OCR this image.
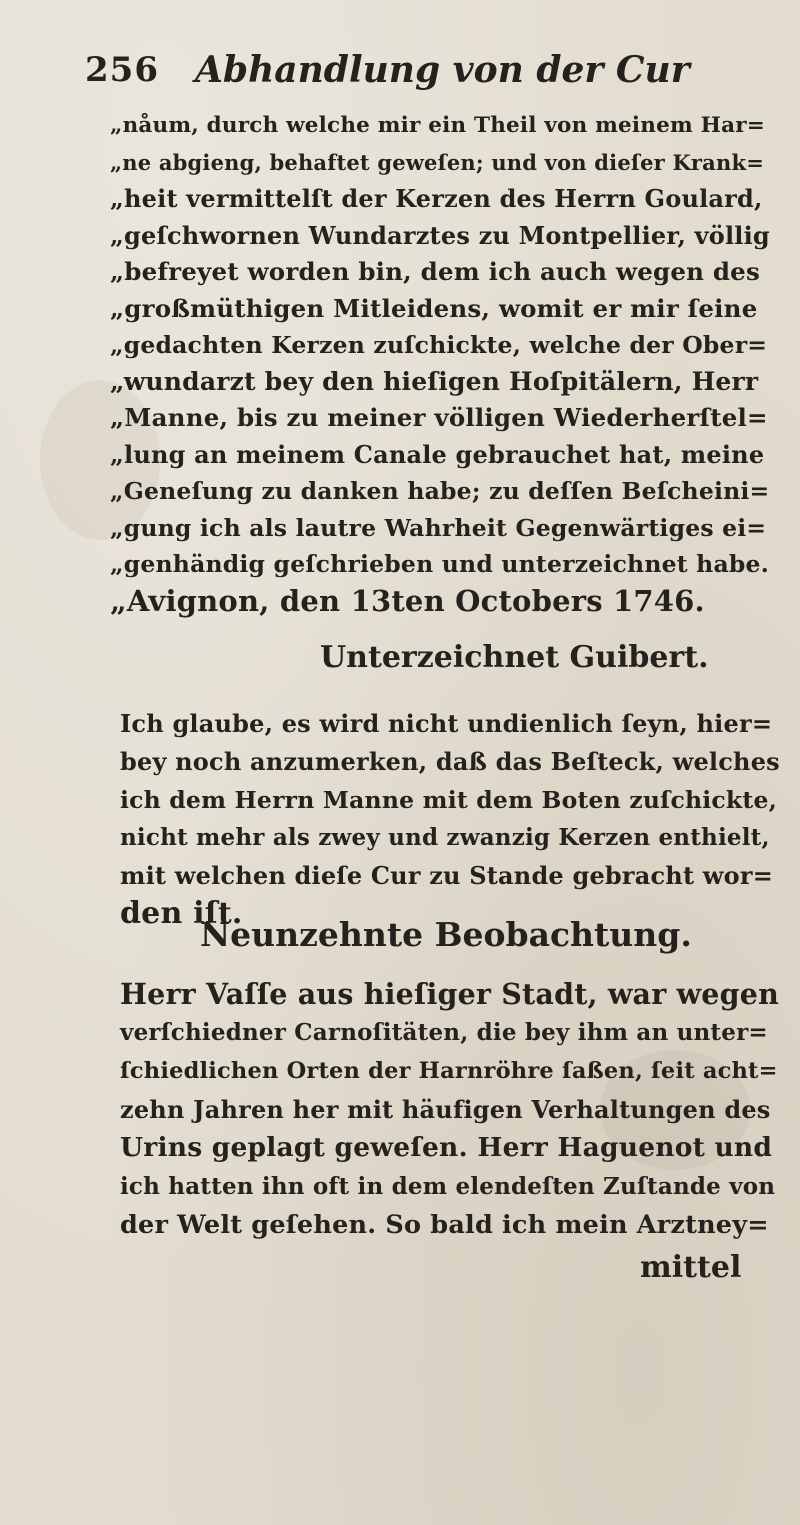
256	Abhandlung von der Cur
„nåum, durch welche mir ein Theil von meinem Har=
„ne abgieng, behaftet geweſen; und von dieſer Krank=
„heit vermittelſt der Kerzen des Herrn Goulard,
„geſchwornen Wundarztes zu Montpellier, völlig
„befreyet worden bin, dem ich auch wegen des
„großmüthigen Mitleidens, womit er mir ſeine
„gedachten Kerzen zuſchickte, welche der Ober=
„wundarzt bey den hieſigen Hoſpitälern, Herr
„Manne, bis zu meiner völligen Wiederherſtel=
„lung an meinem Canale gebrauchet hat, meine
„Geneſung zu danken habe; zu deſſen Beſcheini=
„gung ich als lautre Wahrheit Gegenwärtiges ei=
„genhändig geſchrieben und unterzeichnet habe.
„Avignon, den 13ten Octobers 1746.
Unterzeichnet Guibert.
Ich glaube, es wird nicht undienlich ſeyn, hier=
bey noch anzumerken, daß das Beſteck, welches
ich dem Herrn Manne mit dem Boten zuſchickte,
nicht mehr als zwey und zwanzig Kerzen enthielt,
mit welchen dieſe Cur zu Stande gebracht wor=
den iſt.
Neunzehnte Beobachtung.
Herr Vaſſe aus hieſiger Stadt, war wegen
verſchiedner Carnoſitäten, die bey ihm an unter=
ſchiedlichen Orten der Harnröhre ſaßen, ſeit acht=
zehn Jahren her mit häufigen Verhaltungen des
Urins geplagt geweſen. Herr Haguenot und
ich hatten ihn oft in dem elendeſten Zuſtande von
der Welt geſehen. So bald ich mein Arztney=
mittel
